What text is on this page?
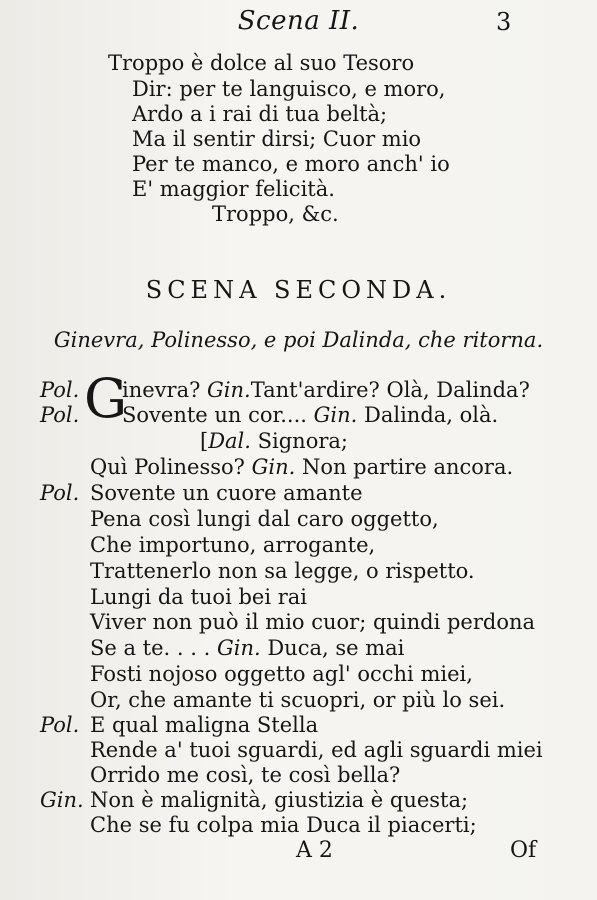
Scena II.	3
Troppo è dolce al suo Tesoro
Dir: per te languisco, e moro,
Ardo a i rai di tua beltà;
Ma il sentir dirsi; Cuor mio
Per te manco, e moro anch' io
E' maggior felicità.
Troppo, &c.
SCENA SECONDA.
Ginevra, Polinesso, e poi Dalinda, che ritorna.
Pol. G
inevra? Gin.Tant'ardire? Olà, Dalinda?
Pol. Sovente un cor.... Gin. Dalinda, olà.
[Dal. Signora;
Quì Polinesso? Gin. Non partire ancora.
Pol. Sovente un cuore amante
Pena così lungi dal caro oggetto,
Che importuno, arrogante,
Trattenerlo non sa legge, o rispetto.
Lungi da tuoi bei rai
Viver non può il mio cuor; quindi perdona
Se a te. . . . Gin. Duca, se mai
Fosti nojoso oggetto agl' occhi miei,
Or, che amante ti scuopri, or più lo sei.
Pol. E qual maligna Stella
Rende a' tuoi sguardi, ed agli sguardi miei
Orrido me così, te così bella?
Gin. Non è malignità, giustizia è questa;
Che se fu colpa mia Duca il piacerti;
A 2	Of
